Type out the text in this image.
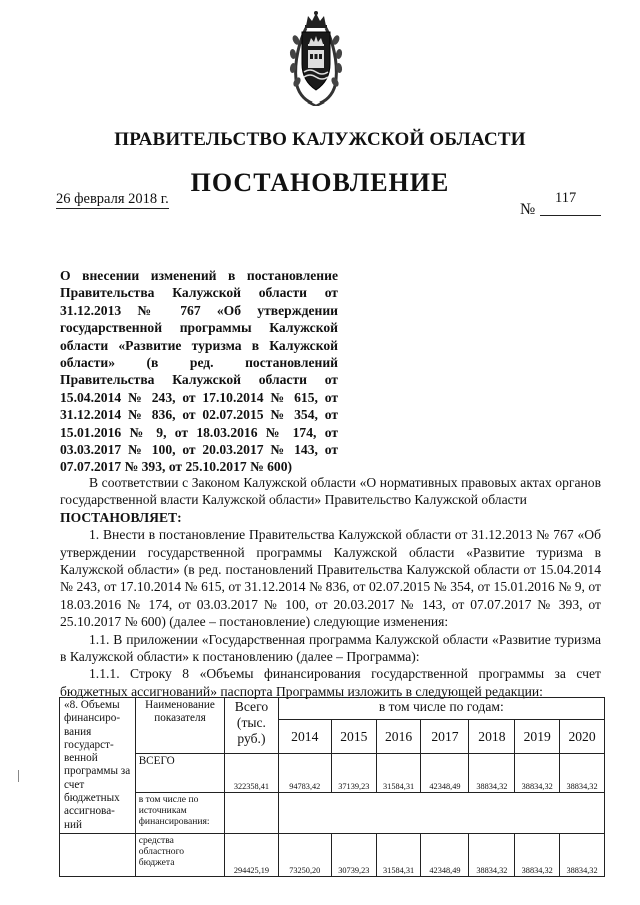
ПРАВИТЕЛЬСТВО КАЛУЖСКОЙ ОБЛАСТИ
ПОСТАНОВЛЕНИЕ
26 февраля 2018 г.	117
№
О внесении изменений в постановление Правительства Калужской области от 31.12.2013 № 767 «Об утверждении государственной программы Калужской области «Развитие туризма в Калужской области» (в ред. постановлений Правительства Калужской области от 15.04.2014 № 243, от 17.10.2014 № 615, от 31.12.2014 № 836, от 02.07.2015 № 354, от 15.01.2016 № 9, от 18.03.2016 № 174, от 03.03.2017 № 100, от 20.03.2017 № 143, от 07.07.2017 № 393, от 25.10.2017 № 600)

В соответствии с Законом Калужской области «О нормативных правовых актах органов государственной власти Калужской области» Правительство Калужской области

ПОСТАНОВЛЯЕТ:

1. Внести в постановление Правительства Калужской области от 31.12.2013 № 767 «Об утверждении государственной программы Калужской области «Развитие туризма в Калужской области» (в ред. постановлений Правительства Калужской области от 15.04.2014 № 243, от 17.10.2014 № 615, от 31.12.2014 № 836, от 02.07.2015 № 354, от 15.01.2016 № 9, от 18.03.2016 № 174, от 03.03.2017 № 100, от 20.03.2017 № 143, от 07.07.2017 № 393, от 25.10.2017 № 600) (далее – постановление) следующие изменения:

1.1. В приложении «Государственная программа Калужской области «Развитие туризма в Калужской области» к постановлению (далее – Программа):

1.1.1. Строку 8 «Объемы финансирования государственной программы за счет бюджетных ассигнований» паспорта Программы изложить в следующей редакции:

«8. Объемы финансиро-вания государст-венной программы за счет бюджетных ассигнова-ний	Наименование показателя	Всего (тыс. руб.)	в том числе по годам:						
			2014	2015	2016	2017	2018	2019	2020
	ВСЕГО	322358,41	94783,42	37139,23	31584,31	42348,49	38834,32	38834,32	38834,32
	в том числе по источникам финансирования:								
	средства областного бюджета	294425,19	73250,20	30739,23	31584,31	42348,49	38834,32	38834,32	38834,32
